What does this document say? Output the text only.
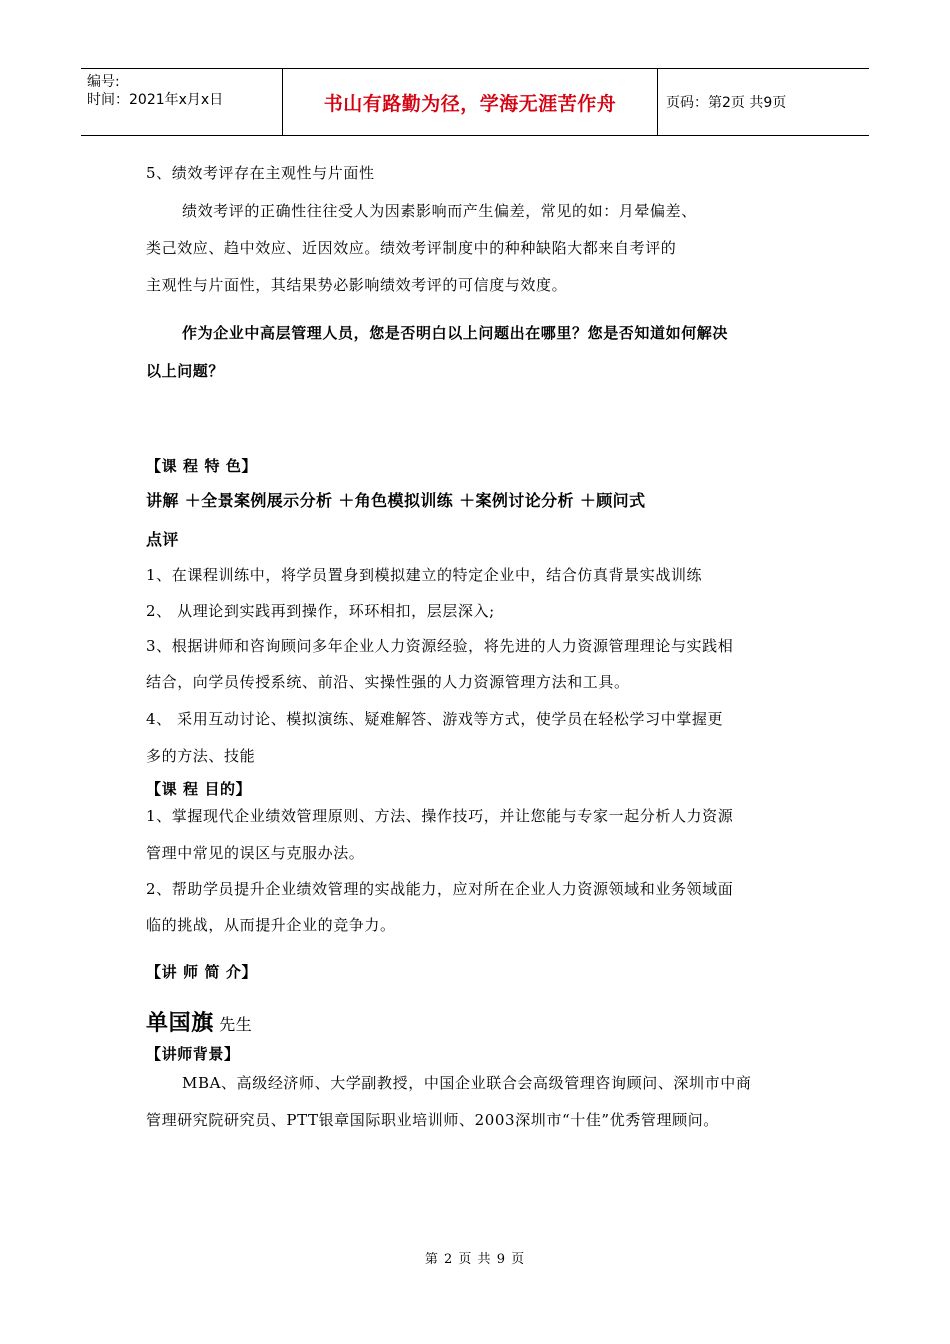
编号:
时间：2021年x月x日	书山有路勤为径，学海无涯苦作舟	页码：第2页 共9页
5、绩效考评存在主观性与片面性
绩效考评的正确性往往受人为因素影响而产生偏差，常见的如：月晕偏差、
类己效应、趋中效应、近因效应。绩效考评制度中的种种缺陷大都来自考评的
主观性与片面性，其结果势必影响绩效考评的可信度与效度。
作为企业中高层管理人员，您是否明白以上问题出在哪里？您是否知道如何解决
以上问题？
【课 程 特 色】
讲解 ＋全景案例展示分析 ＋角色模拟训练 ＋案例讨论分析 ＋顾问式
点评
1、在课程训练中，将学员置身到模拟建立的特定企业中，结合仿真背景实战训练
2、 从理论到实践再到操作，环环相扣，层层深入;
3、根据讲师和咨询顾问多年企业人力资源经验，将先进的人力资源管理理论与实践相
结合，向学员传授系统、前沿、实操性强的人力资源管理方法和工具。
4、 采用互动讨论、模拟演练、疑难解答、游戏等方式，使学员在轻松学习中掌握更
多的方法、技能
【课 程 目的】
1、掌握现代企业绩效管理原则、方法、操作技巧，并让您能与专家一起分析人力资源
管理中常见的误区与克服办法。
2、帮助学员提升企业绩效管理的实战能力，应对所在企业人力资源领域和业务领域面
临的挑战，从而提升企业的竞争力。
【讲 师 简 介】
单国旗 先生
【讲师背景】
MBA、高级经济师、大学副教授，中国企业联合会高级管理咨询顾问、深圳市中商
管理研究院研究员、PTT银章国际职业培训师、2003深圳市“十佳”优秀管理顾问。
第 2 页 共 9 页
